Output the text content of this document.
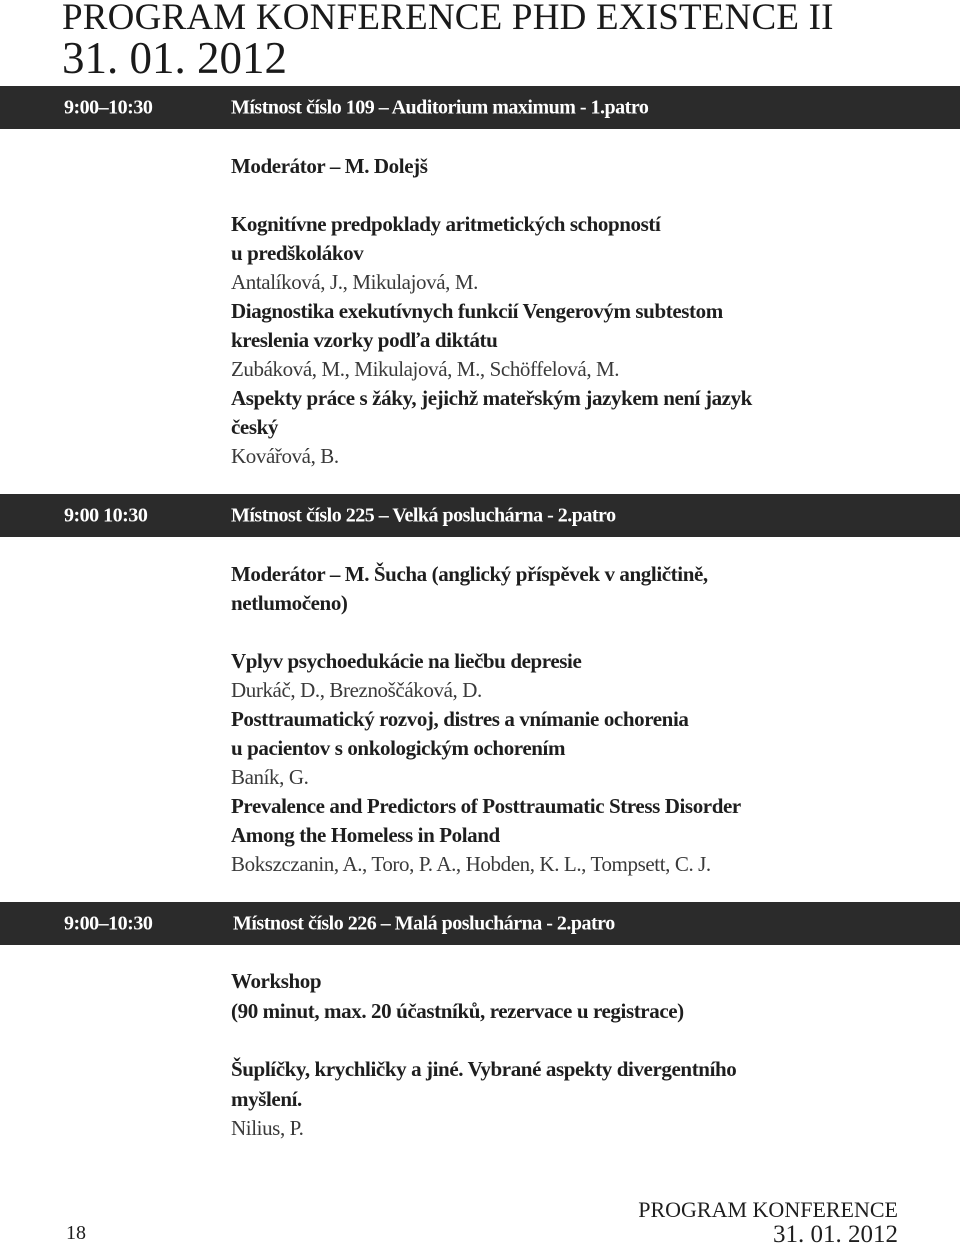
PROGRAM KONFERENCE PHD EXISTENCE II
31. 01. 2012
9:00–10:30	Místnost číslo 109 – Auditorium maximum - 1.patro
Moderátor – M. Dolejš
Kognitívne predpoklady aritmetických schopností
u predškolákov
Antalíková, J., Mikulajová, M.
Diagnostika exekutívnych funkcií Vengerovým subtestom
kreslenia vzorky podľa diktátu
Zubáková, M., Mikulajová, M., Schöffelová, M.
Aspekty práce s žáky, jejichž mateřským jazykem není jazyk
český
Kovářová, B.
9:00 10:30	Místnost číslo 225 – Velká posluchárna - 2.patro
Moderátor – M. Šucha (anglický příspěvek v angličtině,
netlumočeno)
Vplyv psychoedukácie na liečbu depresie
Durkáč, D., Breznoščáková, D.
Posttraumatický rozvoj, distres a vnímanie ochorenia
u pacientov s onkologickým ochorením
Baník, G.
Prevalence and Predictors of Posttraumatic Stress Disorder
Among the Homeless in Poland
Bokszczanin, A., Toro, P. A., Hobden, K. L., Tompsett, C. J.
9:00–10:30	Místnost číslo 226 – Malá posluchárna - 2.patro
Workshop
(90 minut, max. 20 účastníků, rezervace u registrace)
Šuplíčky, krychličky a jiné. Vybrané aspekty divergentního
myšlení.
Nilius, P.
18
PROGRAM KONFERENCE
31. 01. 2012
